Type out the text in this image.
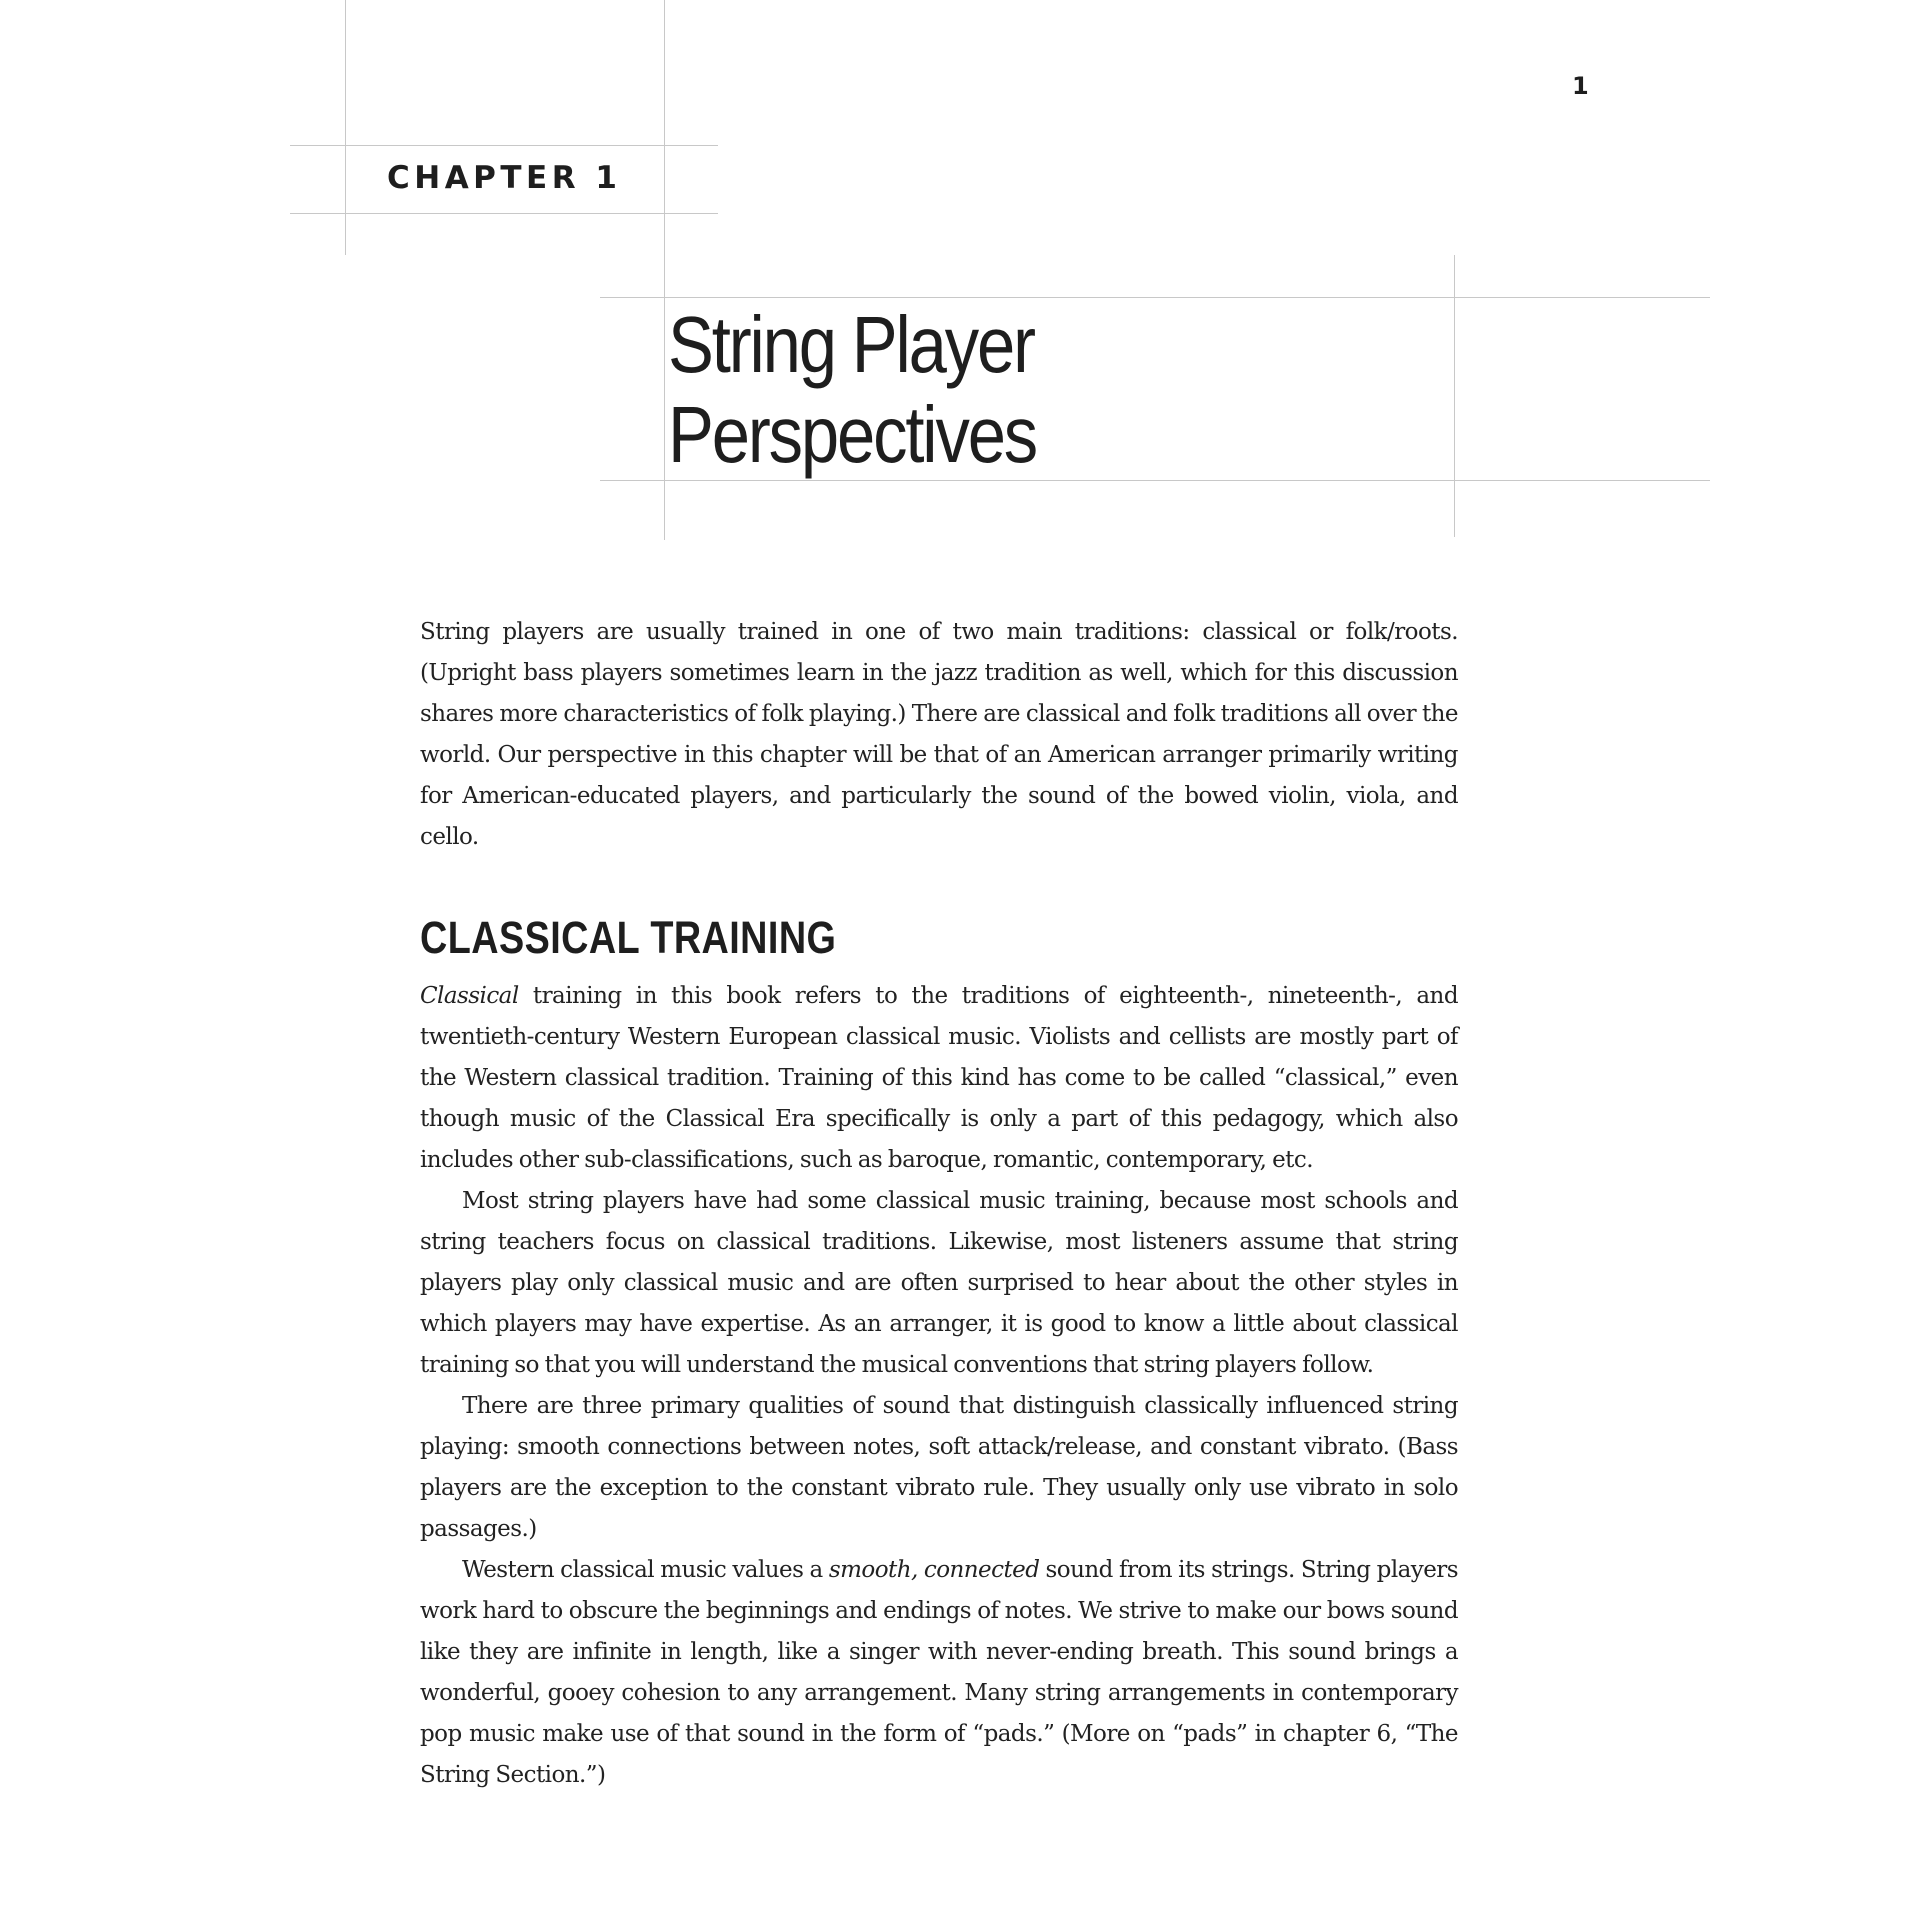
1
CHAPTER 1
String Player
Perspectives

String players are usually trained in one of two main traditions: classical or folk/roots. (Upright bass players sometimes learn in the jazz tradition as well, which for this discussion shares more characteristics of folk playing.) There are classical and folk traditions all over the world. Our perspective in this chapter will be that of an American arranger primarily writing for American-educated players, and particularly the sound of the bowed violin, viola, and cello.

CLASSICAL TRAINING

Classical training in this book refers to the traditions of eighteenth-, nineteenth-, and twentieth-century Western European classical music. Violists and cellists are mostly part of the Western classical tradition. Training of this kind has come to be called “classical,” even though music of the Classical Era specifically is only a part of this pedagogy, which also includes other sub-classifications, such as baroque, romantic, contemporary, etc.

Most string players have had some classical music training, because most schools and string teachers focus on classical traditions. Likewise, most listeners assume that string players play only classical music and are often surprised to hear about the other styles in which players may have expertise. As an arranger, it is good to know a little about classical training so that you will understand the musical conventions that string players follow.

There are three primary qualities of sound that distinguish classically influenced string playing: smooth connections between notes, soft attack/release, and constant vibrato. (Bass players are the exception to the constant vibrato rule. They usually only use vibrato in solo passages.)

Western classical music values a smooth, connected sound from its strings. String players work hard to obscure the beginnings and endings of notes. We strive to make our bows sound like they are infinite in length, like a singer with never-ending breath. This sound brings a wonderful, gooey cohesion to any arrangement. Many string arrangements in contemporary pop music make use of that sound in the form of “pads.” (More on “pads” in chapter 6, “The String Section.”)
